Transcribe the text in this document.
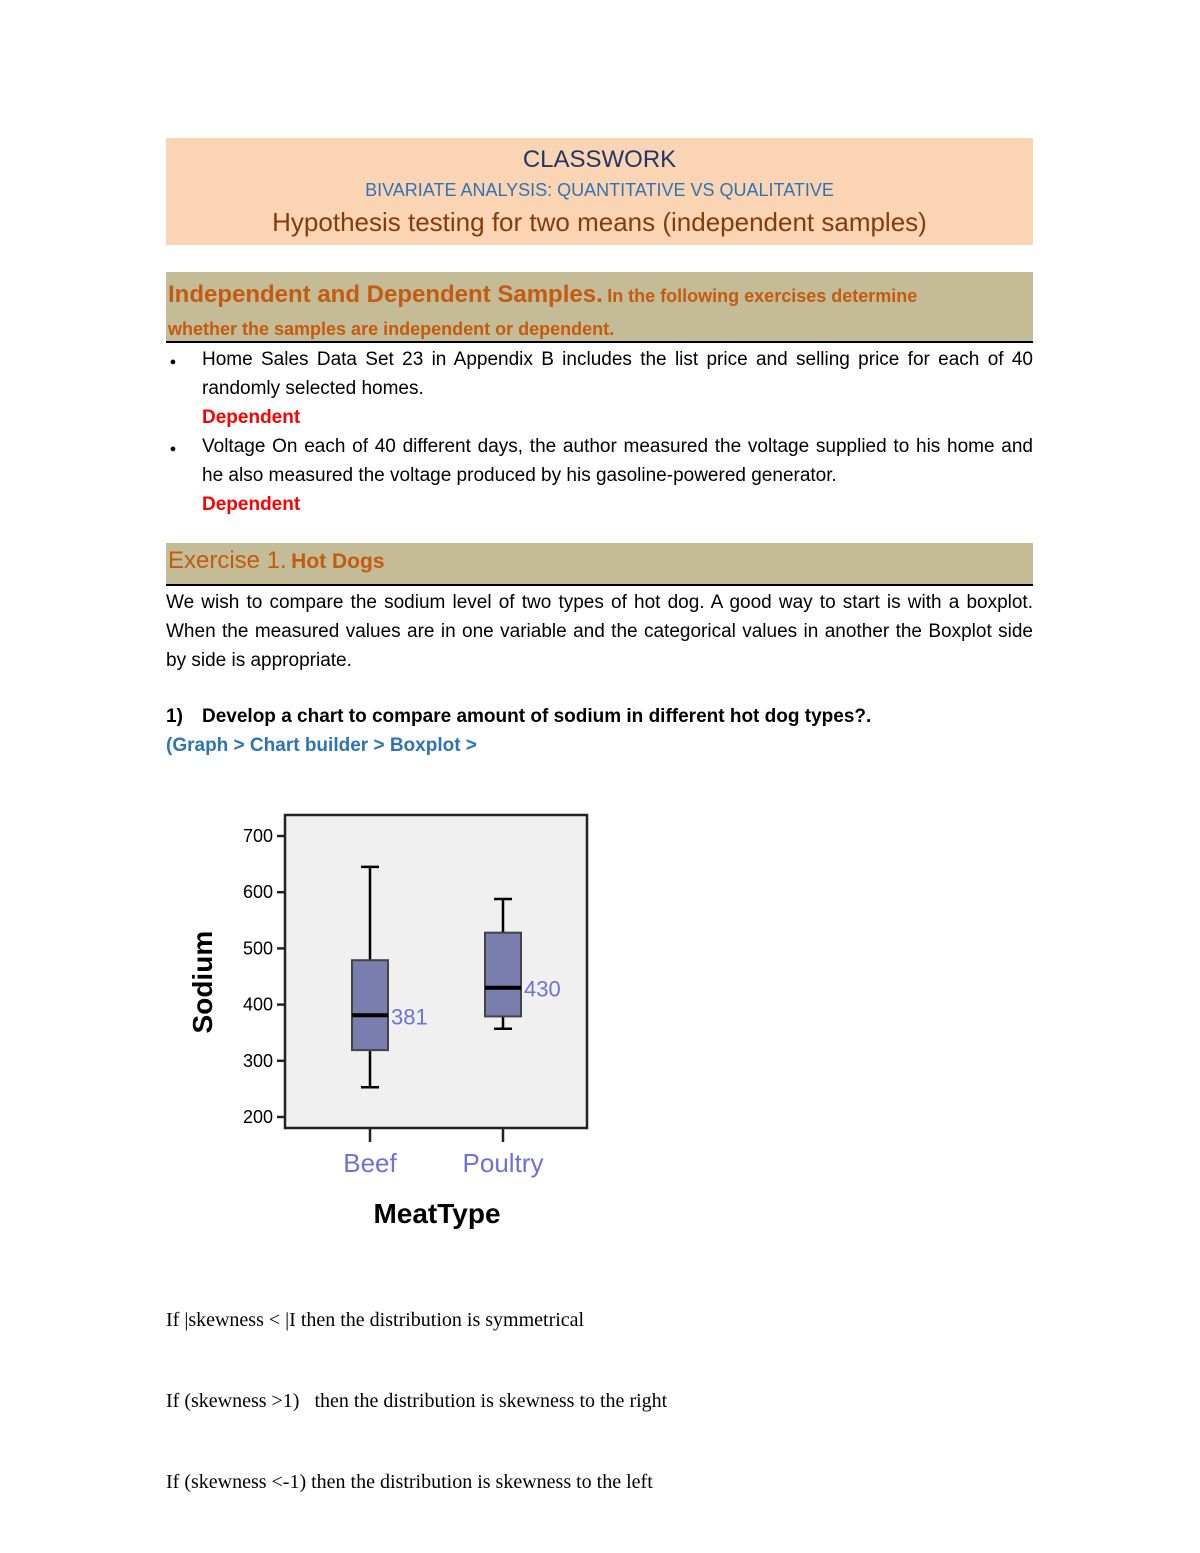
CLASSWORK
BIVARIATE ANALYSIS: QUANTITATIVE VS QUALITATIVE
Hypothesis testing for two means (independent samples)
Independent and Dependent Samples. In the following exercises determine
whether the samples are independent or dependent.
●
Home Sales Data Set 23 in Appendix B includes the list price and selling price for each of 40 randomly selected homes.
Dependent
●
Voltage On each of 40 different days, the author measured the voltage supplied to his home and he also measured the voltage produced by his gasoline-powered generator.
Dependent
Exercise 1. Hot Dogs
We wish to compare the sodium level of two types of hot dog. A good way to start is with a boxplot. When the measured values are in one variable and the categorical values in another the Boxplot side by side is appropriate.
1) Develop a chart to compare amount of sodium in different hot dog types?.
(Graph > Chart builder > Boxplot >
200
300
400
500
600
700
Beef	Poultry
Sodium
MeatType
381
430

If |skewness < |I then the distribution is symmetrical

If (skewness >1)   then the distribution is skewness to the right

If (skewness <-1) then the distribution is skewness to the left
